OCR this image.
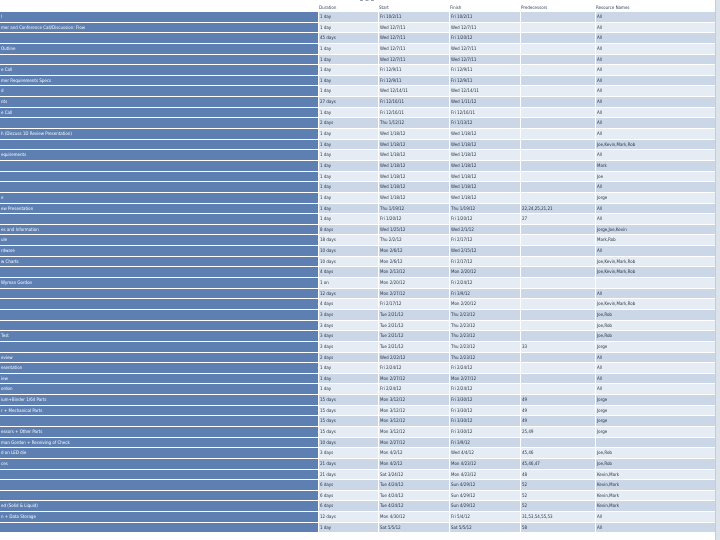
Duration	Start	Finish	Predecessors	Resource Names
l	1 day	Fri 10/2/11	Fri 10/2/11	All
mer and Conference Call/Discussion: Flow	1 day	Wed 12/7/11	Wed 12/7/11	All
45 days	Wed 12/7/11	Fri 1/20/12	All
Outline	1 day	Wed 12/7/11	Wed 12/7/11	All
1 day	Wed 12/7/11	Wed 12/7/11	All
e Call	1 day	Fri 12/9/11	Fri 12/9/11	All
mer Requirements Specs	1 day	Fri 12/9/11	Fri 12/9/11	All
d	1 day	Wed 12/14/11	Wed 12/14/11	All
nts	27 days	Fri 12/16/11	Wed 1/11/12	All
e Call	1 day	Fri 12/16/11	Fri 12/16/11	All
2 days	Thu 1/12/12	Fri 1/13/12	All
h (Discuss 1D Review Presentation)	1 day	Wed 1/18/12	Wed 1/18/12	All
1 day	Wed 1/18/12	Wed 1/18/12	Joe,Kevin,Mark,Rob
equirements	1 day	Wed 1/18/12	Wed 1/18/12	All
1 day	Wed 1/18/12	Wed 1/18/12	Mark
1 day	Wed 1/18/12	Wed 1/18/12	Joe
1 day	Wed 1/18/12	Wed 1/18/12	All
e	1 day	Wed 1/18/12	Wed 1/18/12	Jorge
ew Presentation	1 day	Thu 1/19/12	Thu 1/19/12	22,24,25,21,21	All
1 day	Fri 1/20/12	Fri 1/20/12	27	All
es and Information	8 days	Wed 1/25/12	Wed 2/1/12	Jorge,Joe,Kevin
ule	18 days	Thu 2/2/12	Fri 2/17/12	Mark,Rob
rdware	10 days	Mon 2/6/12	Wed 2/15/12	All
w Charts	10 days	Mon 2/6/12	Fri 2/17/12	Joe,Kevin,Mark,Rob
4 days	Mon 2/13/12	Mon 2/20/12	Joe,Kevin,Mark,Rob
Wyman Gordon	1 on	Mon 2/20/12	Fri 2/24/12
12 days	Mon 2/27/12	Fri 3/9/12	All
4 days	Fri 2/17/12	Mon 2/20/12	Joe,Kevin,Mark,Rob
3 days	Tue 2/21/12	Thu 2/23/12	Joe,Rob
3 days	Tue 2/21/12	Thu 2/23/12	Joe,Rob
Test	3 days	Tue 2/21/12	Thu 2/23/12	Joe,Rob
3 days	Tue 2/21/12	Thu 2/23/12	33	Jorge
eview	2 days	Wed 2/22/12	Thu 2/23/12	All
esentation	1 day	Fri 2/24/12	Fri 2/24/12	All
iew	1 day	Mon 2/27/12	Mon 2/27/12	All
ordon	1 day	Fri 2/24/12	Fri 2/24/12	All
ium+Binder 1/64 Parts	15 days	Mon 3/12/12	Fri 3/30/12	49	Jorge
r + Mechanical Parts	15 days	Mon 3/12/12	Fri 3/30/12	49	Jorge
15 days	Mon 3/12/12	Fri 3/30/12	49	Jorge
essors + Other Parts	15 days	Mon 3/12/12	Fri 3/30/12	25,49	Jorge
man Gordon + Receiving of Check	10 days	Mon 2/27/12	Fri 3/9/12
d on LED die	3 days	Mon 4/2/12	Wed 4/4/12	45,46	Joe,Rob
ces	21 days	Mon 4/2/12	Mon 4/23/12	45,46,47	Joe,Rob
21 days	Sat 3/24/12	Mon 4/23/12	48	Kevin,Mark
6 days	Tue 4/24/12	Sun 4/29/12	52	Kevin,Mark
6 days	Tue 4/24/12	Sun 4/29/12	52	Kevin,Mark
ed (Solid & Liquid)	6 days	Tue 4/24/12	Sun 4/29/12	52	Kevin,Mark
n + Data Storage	12 days	Mon 4/30/12	Fri 5/4/12	31,53,54,55,53	All
1 day	Sat 5/5/12	Sat 5/5/12	58	All
